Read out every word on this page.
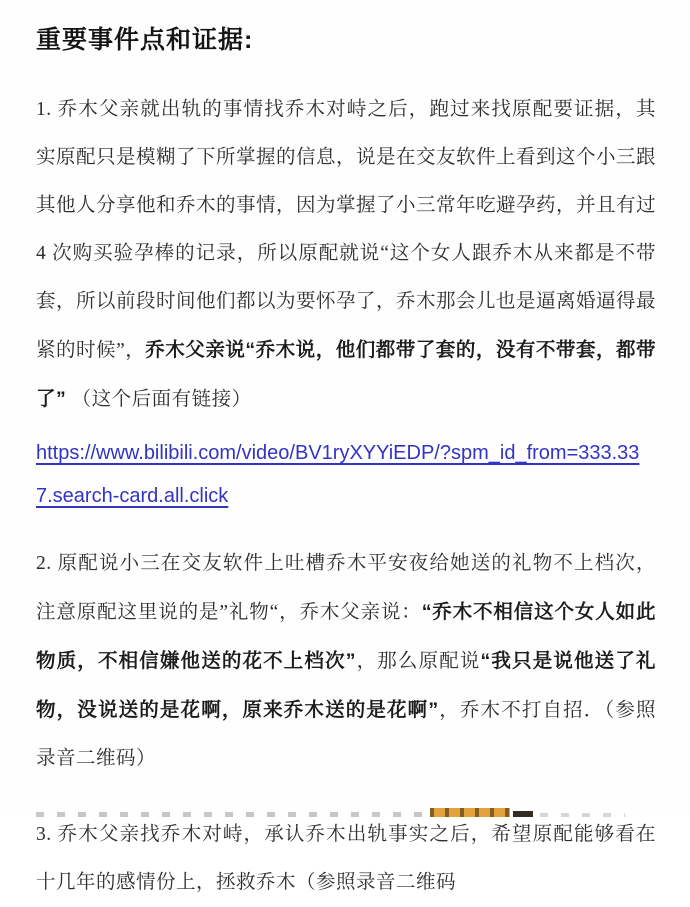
重要事件点和证据:

1. 乔木父亲就出轨的事情找乔木对峙之后，跑过来找原配要证据，其实原配只是模糊了下所掌握的信息，说是在交友软件上看到这个小三跟其他人分享他和乔木的事情，因为掌握了小三常年吃避孕药，并且有过 4 次购买验孕棒的记录，所以原配就说“这个女人跟乔木从来都是不带套，所以前段时间他们都以为要怀孕了，乔木那会儿也是逼离婚逼得最紧的时候”，乔木父亲说“乔木说，他们都带了套的，没有不带套，都带了” （这个后面有链接）

https://www.bilibili.com/video/BV1ryXYYiEDP/?spm_id_from=333.337.search-card.all.click

2. 原配说小三在交友软件上吐槽乔木平安夜给她送的礼物不上档次，注意原配这里说的是”礼物“，乔木父亲说：“乔木不相信这个女人如此物质，不相信嫌他送的花不上档次”，那么原配说“我只是说他送了礼物，没说送的是花啊，原来乔木送的是花啊”，乔木不打自招．（参照录音二维码）

3. 乔木父亲找乔木对峙，承认乔木出轨事实之后，希望原配能够看在十几年的感情份上，拯救乔木（参照录音二维码
